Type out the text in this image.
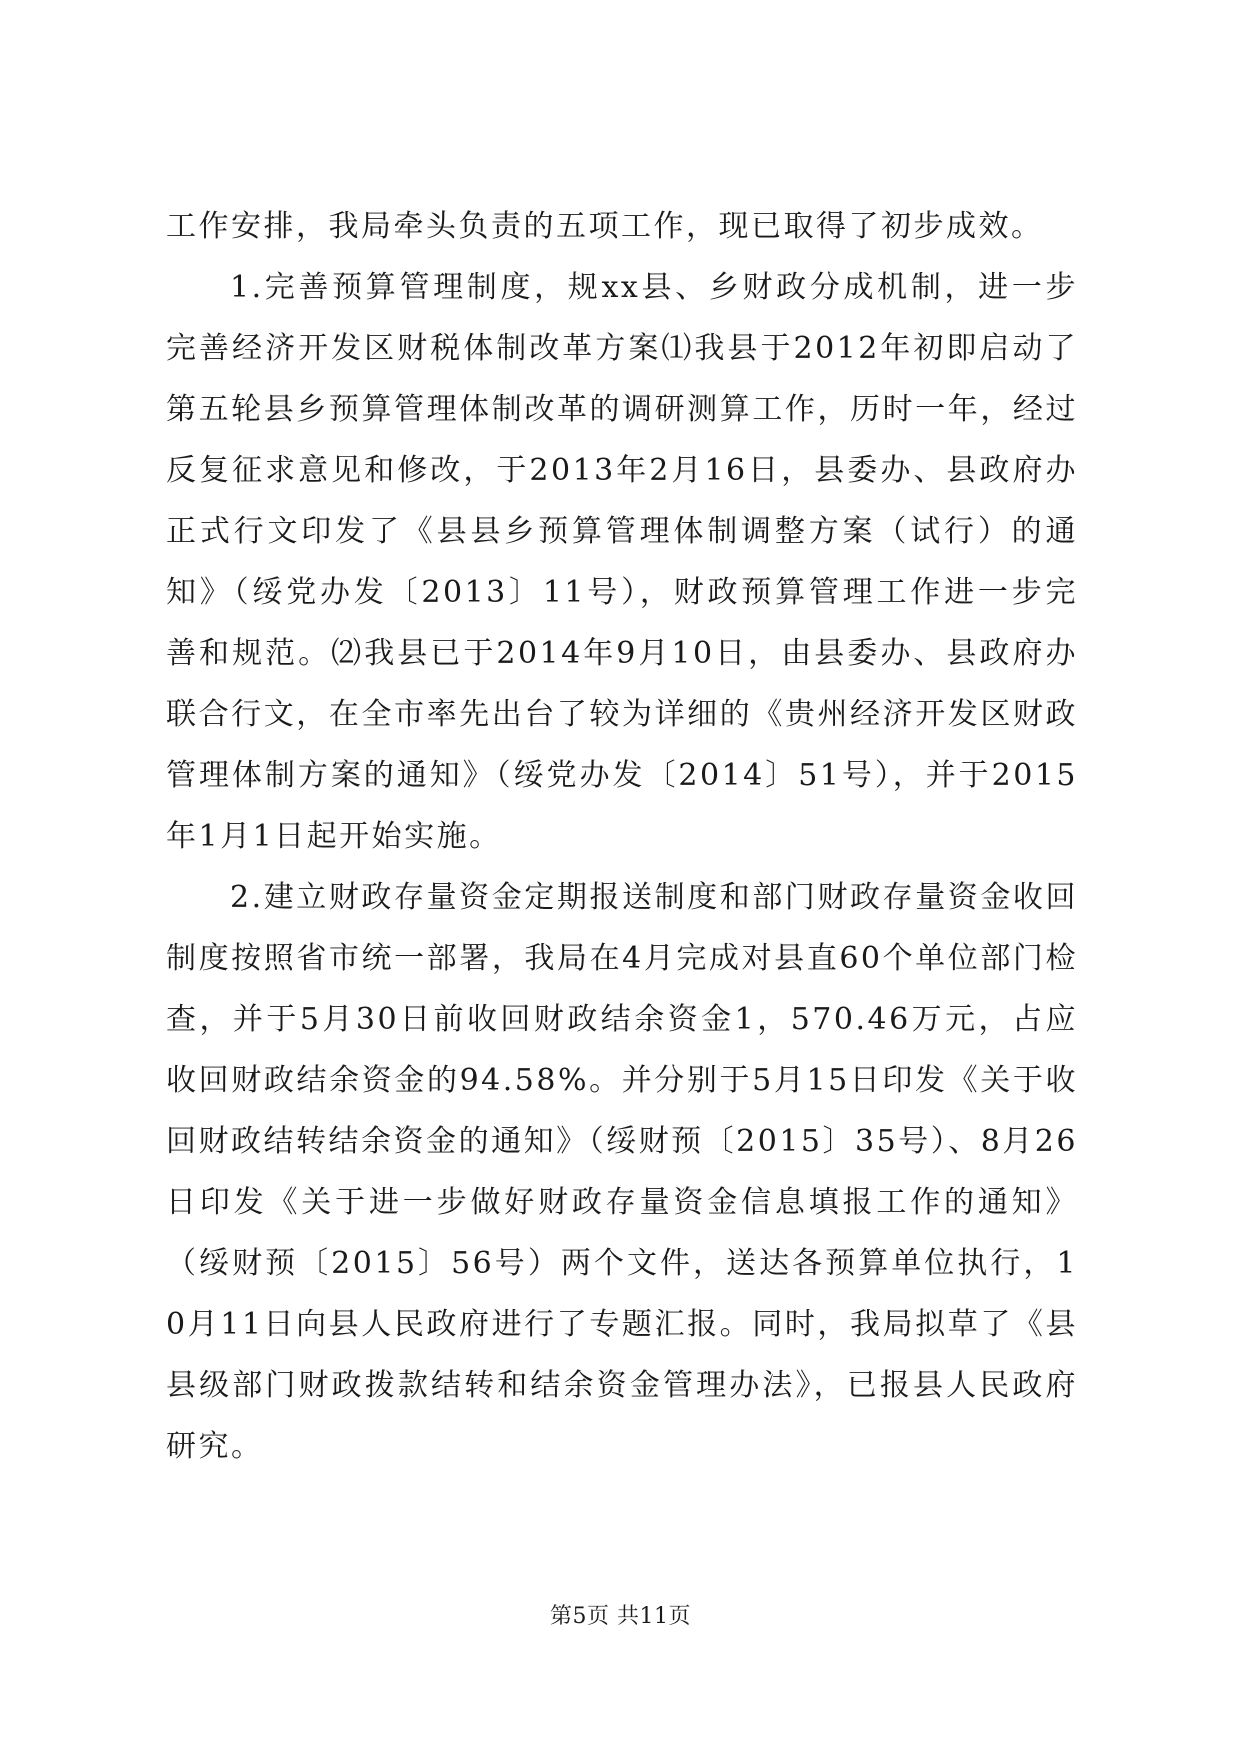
工作安排，我局牵头负责的五项工作，现已取得了初步成效。

1.完善预算管理制度，规xx县、乡财政分成机制，进一步完善经济开发区财税体制改革方案⑴我县于2012年初即启动了第五轮县乡预算管理体制改革的调研测算工作，历时一年，经过反复征求意见和修改，于2013年2月16日，县委办、县政府办正式行文印发了《县县乡预算管理体制调整方案（试行）的通知》（绥党办发〔2013〕11号），财政预算管理工作进一步完善和规范。⑵我县已于2014年9月10日，由县委办、县政府办联合行文，在全市率先出台了较为详细的《贵州经济开发区财政管理体制方案的通知》（绥党办发〔2014〕51号），并于2015年1月1日起开始实施。

2.建立财政存量资金定期报送制度和部门财政存量资金收回制度按照省市统一部署，我局在4月完成对县直60个单位部门检查，并于5月30日前收回财政结余资金1，570.46万元，占应收回财政结余资金的94.58%。并分别于5月15日印发《关于收回财政结转结余资金的通知》（绥财预〔2015〕35号）、8月26日印发《关于进一步做好财政存量资金信息填报工作的通知》（绥财预〔2015〕56号）两个文件，送达各预算单位执行，10月11日向县人民政府进行了专题汇报。同时，我局拟草了《县县级部门财政拨款结转和结余资金管理办法》，已报县人民政府研究。

第5页 共11页
